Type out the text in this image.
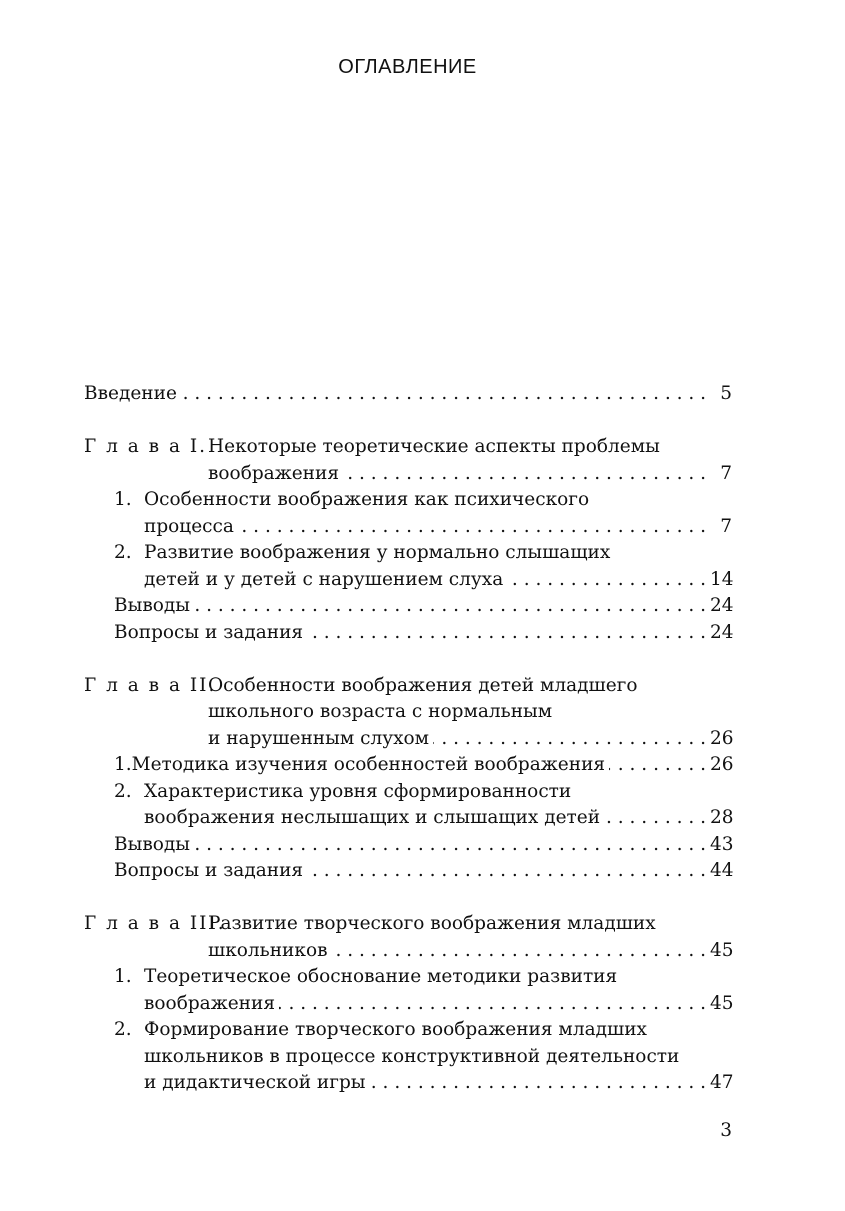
ОГЛАВЛЕНИЕ
Введение . . .	5
Г л а в а I. Некоторые теоретические аспекты проблемы
воображения . . .	7
1. Особенности воображения как психического
процесса . . .	7
2. Развитие воображения у нормально слышащих
детей и у детей с нарушением слуха . . .	14
Выводы . . .	24
Вопросы и задания . . .	24
Г л а в а II.
Особенности воображения детей младшего
школьного возраста с нормальным
и нарушенным слухом . . .	26
1. Методика изучения особенностей воображения . . .	26
2. Характеристика уровня сформированности
воображения неслышащих и слышащих детей . . .	28
Выводы . . .	43
Вопросы и задания . . .	44
Г л а в а III.
Развитие творческого воображения младших
школьников . . .	45
1. Теоретическое обоснование методики развития
воображения . . .	45
2. Формирование творческого воображения младших
школьников в процессе конструктивной деятельности
и дидактической игры . . .	47
3
